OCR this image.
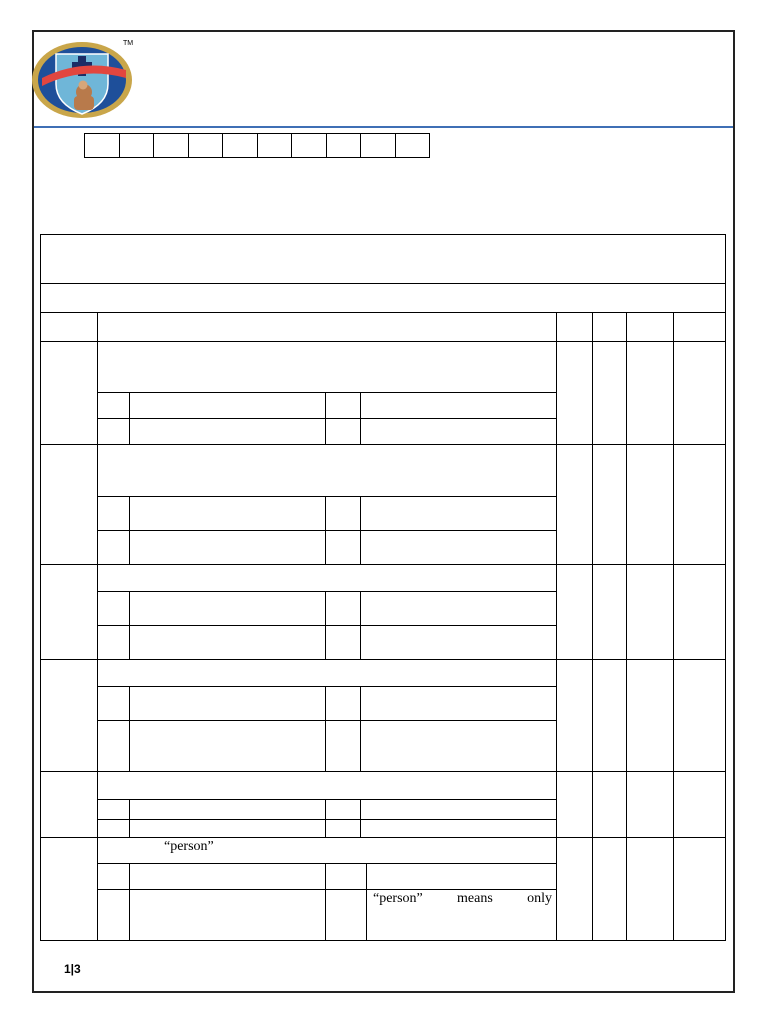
TM

	“person”								

					“person” means only				
1|3
